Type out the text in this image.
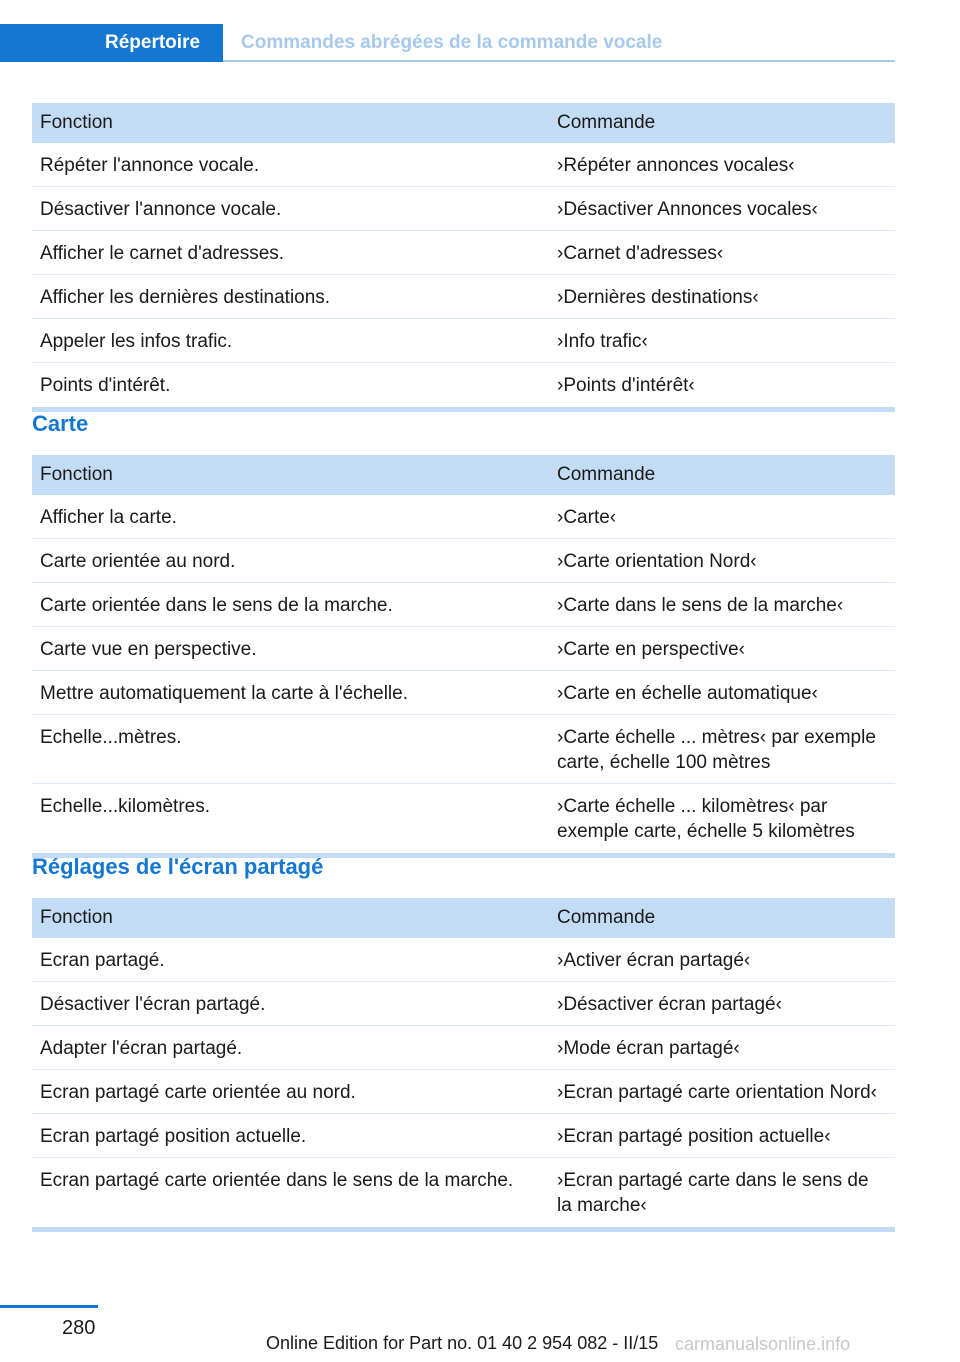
Répertoire	Commandes abrégées de la commande vocale
Fonction	Commande
Répéter l'annonce vocale.	›Répéter annonces vocales‹
Désactiver l'annonce vocale.	›Désactiver Annonces vocales‹
Afficher le carnet d'adresses.	›Carnet d'adresses‹
Afficher les dernières destinations.	›Dernières destinations‹
Appeler les infos trafic.	›Info trafic‹
Points d'intérêt.	›Points d'intérêt‹
Carte
Fonction	Commande
Afficher la carte.	›Carte‹
Carte orientée au nord.	›Carte orientation Nord‹
Carte orientée dans le sens de la marche.	›Carte dans le sens de la marche‹
Carte vue en perspective.	›Carte en perspective‹
Mettre automatiquement la carte à l'échelle.	›Carte en échelle automatique‹
Echelle...mètres.	›Carte échelle ... mètres‹ par exemple carte, échelle 100 mètres
Echelle...kilomètres.	›Carte échelle ... kilomètres‹ par exemple carte, échelle 5 kilomètres
Réglages de l'écran partagé
Fonction	Commande
Ecran partagé.	›Activer écran partagé‹
Désactiver l'écran partagé.	›Désactiver écran partagé‹
Adapter l'écran partagé.	›Mode écran partagé‹
Ecran partagé carte orientée au nord.	›Ecran partagé carte orientation Nord‹
Ecran partagé position actuelle.	›Ecran partagé position actuelle‹
Ecran partagé carte orientée dans le sens de la marche.	›Ecran partagé carte dans le sens de la marche‹
280
Online Edition for Part no. 01 40 2 954 082 - II/15 carmanualsonline.info
